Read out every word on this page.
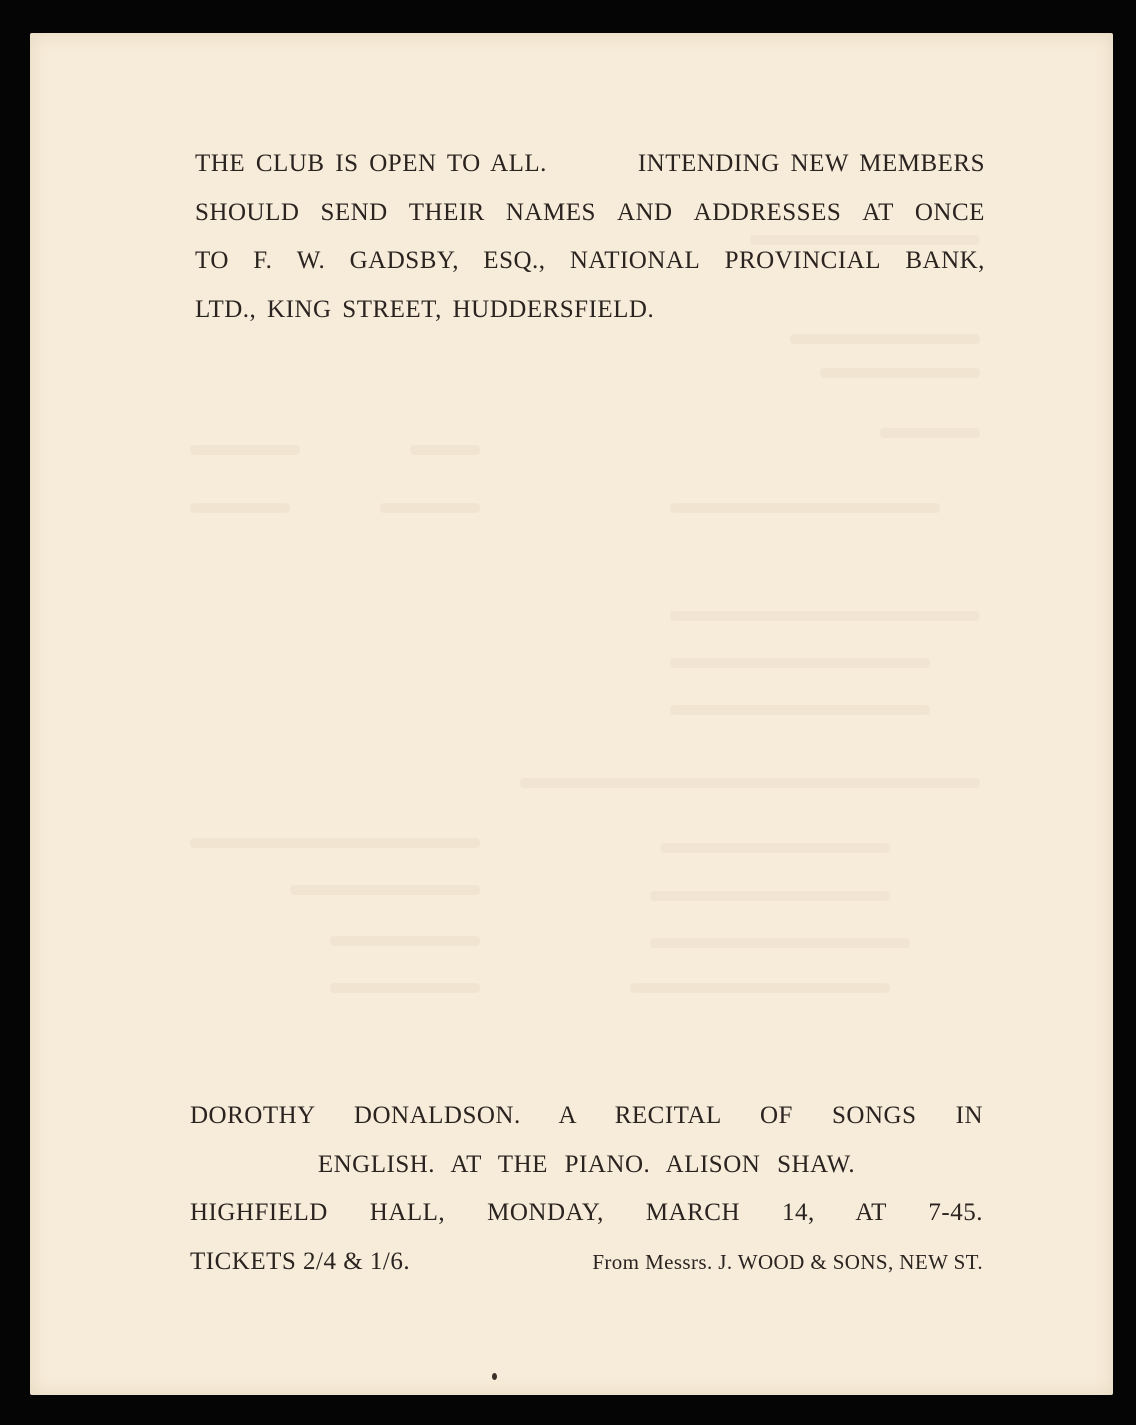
THE CLUB IS OPEN TO ALL.	INTENDING NEW MEMBERS
SHOULD SEND THEIR NAMES AND ADDRESSES AT ONCE
TO F. W. GADSBY, ESQ., NATIONAL PROVINCIAL BANK,
LTD., KING STREET, HUDDERSFIELD.
DOROTHY DONALDSON. A RECITAL OF SONGS IN
ENGLISH. AT THE PIANO. ALISON SHAW.
HIGHFIELD HALL, MONDAY, MARCH 14, AT 7-45.
TICKETS 2/4 & 1/6.	From Messrs. J. WOOD & SONS, NEW ST.
